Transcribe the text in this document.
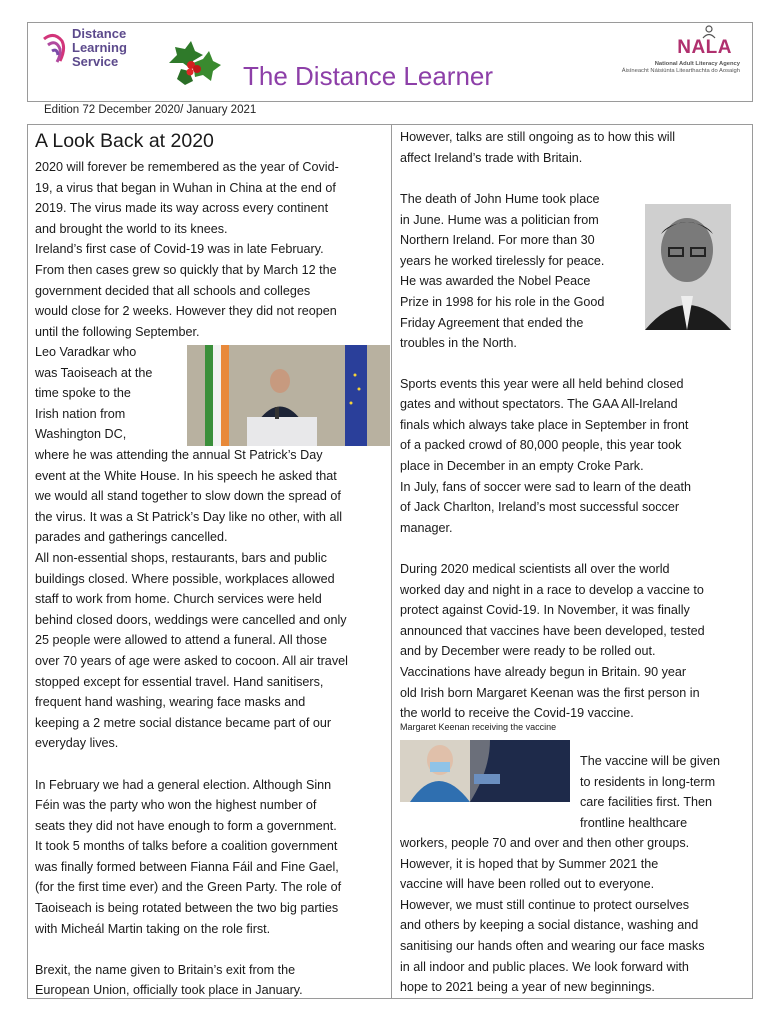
Distance
Learning
Service	The Distance Learner
NALA
National Adult Literacy Agency
Áisíneacht Náisiúnta Litearthachta do Aosaigh
Edition 72 December 2020/ January 2021
A Look Back at 2020

2020 will forever be remembered as the year of Covid-

19, a virus that began in Wuhan in China at the end of

2019. The virus made its way across every continent

and brought the world to its knees.

Ireland’s first case of Covid-19 was in late February.

From then cases grew so quickly that by March 12 the

government decided that all schools and colleges

would close for 2 weeks. However they did not reopen

until the following September.

Leo Varadkar who

was Taoiseach at the

time spoke to the

Irish nation from

Washington DC,

where he was attending the annual St Patrick’s Day

event at the White House. In his speech he asked that

we would all stand together to slow down the spread of

the virus. It was a St Patrick’s Day like no other, with all

parades and gatherings cancelled.

All non-essential shops, restaurants, bars and public

buildings closed. Where possible, workplaces allowed

staff to work from home. Church services were held

behind closed doors, weddings were cancelled and only

25 people were allowed to attend a funeral. All those

over 70 years of age were asked to cocoon. All air travel

stopped except for essential travel. Hand sanitisers,

frequent hand washing, wearing face masks and

keeping a 2 metre social distance became part of our

everyday lives.

In February we had a general election. Although Sinn

Féin was the party who won the highest number of

seats they did not have enough to form a government.

It took 5 months of talks before a coalition government

was finally formed between Fianna Fáil and Fine Gael,

(for the first time ever) and the Green Party. The role of

Taoiseach is being rotated between the two big parties

with Micheál Martin taking on the role first.

Brexit, the name given to Britain’s exit from the

European Union, officially took place in January.

However, talks are still ongoing as to how this will

affect Ireland’s trade with Britain.

The death of John Hume took place

in June. Hume was a politician from

Northern Ireland. For more than 30

years he worked tirelessly for peace.

He was awarded the Nobel Peace

Prize in 1998 for his role in the Good

Friday Agreement that ended the

troubles in the North.

Sports events this year were all held behind closed

gates and without spectators. The GAA All-Ireland

finals which always take place in September in front

of a packed crowd of 80,000 people, this year took

place in December in an empty Croke Park.

In July, fans of soccer were sad to learn of the death

of Jack Charlton, Ireland’s most successful soccer

manager.

During 2020 medical scientists all over the world

worked day and night in a race to develop a vaccine to

protect against Covid-19. In November, it was finally

announced that vaccines have been developed, tested

and by December were ready to be rolled out.

Vaccinations have already begun in Britain. 90 year

old Irish born Margaret Keenan was the first person in

the world to receive the Covid-19 vaccine.

Margaret Keenan receiving the vaccine

The vaccine will be given

to residents in long-term

care facilities first. Then

frontline healthcare

workers, people 70 and over and then other groups.

However, it is hoped that by Summer 2021 the

vaccine will have been rolled out to everyone.

However, we must still continue to protect ourselves

and others by keeping a social distance, washing and

sanitising our hands often and wearing our face masks

in all indoor and public places. We look forward with

hope to 2021 being a year of new beginnings.
